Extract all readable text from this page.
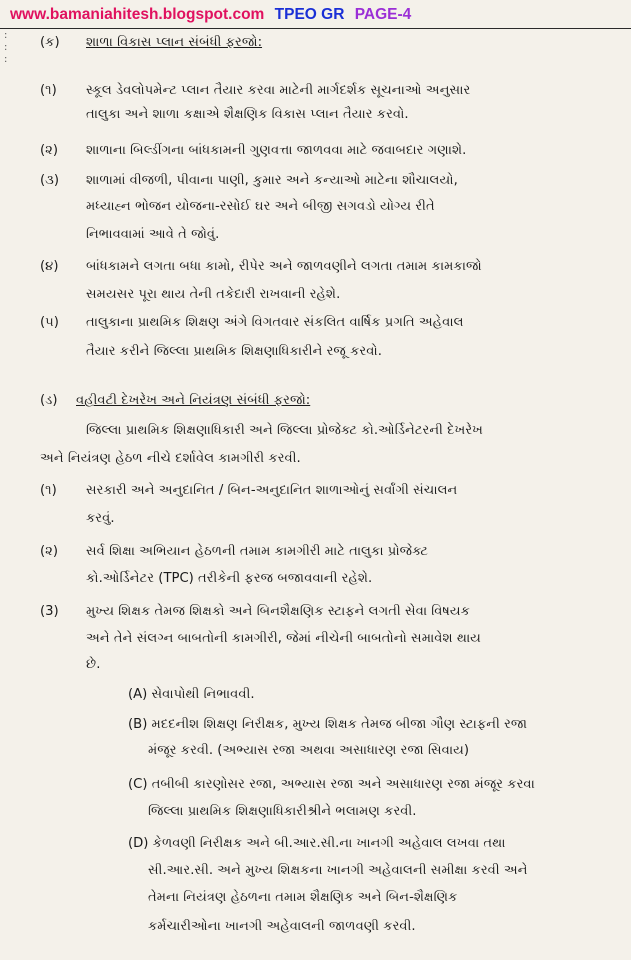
www.bamaniahitesh.blogspot.com TPEO GR PAGE-4
:
:
:
(ક) શાળા વિકાસ પ્લાન સંબંધી ફરજો:
(૧) સ્કૂલ ડેવલોપમેન્ટ પ્લાન તૈયાર કરવા માટેની માર્ગદર્શક સૂચનાઓ અનુસાર
તાલુકા અને શાળા કક્ષાએ શૈક્ષણિક વિકાસ પ્લાન તૈયાર કરવો.
(૨) શાળાના બિલ્ડીંગના બાંધકામની ગુણવત્તા જાળવવા માટે જવાબદાર ગણાશે.
(૩) શાળામાં વીજળી, પીવાના પાણી, કુમાર અને કન્યાઓ માટેના શૌચાલયો,
મધ્યાહ્ન ભોજન યોજના-રસોઈ ઘર અને બીજી સગવડો યોગ્ય રીતે
નિભાવવામાં આવે તે જોવું.
(૪) બાંધકામને લગતા બધા કામો, રીપેર અને જાળવણીને લગતા તમામ કામકાજો
સમયસર પૂરા થાય તેની તકેદારી રાખવાની રહેશે.
(૫) તાલુકાના પ્રાથમિક શિક્ષણ અંગે વિગતવાર સંકલિત વાર્ષિક પ્રગતિ અહેવાલ
તૈયાર કરીને જિલ્લા પ્રાથમિક શિક્ષણાધિકારીને રજૂ કરવો.
(ડ) વહીવટી દેખરેખ અને નિયંત્રણ સંબંધી ફરજો:
જિલ્લા પ્રાથમિક શિક્ષણાધિકારી અને જિલ્લા પ્રોજેક્ટ કો.ઓર્ડિનેટરની દેખરેખ
અને નિયંત્રણ હેઠળ નીચે દર્શાવેલ કામગીરી કરવી.
(૧) સરકારી અને અનુદાનિત / બિન-અનુદાનિત શાળાઓનું સર્વાંગી સંચાલન
કરવું.
(૨) સર્વ શિક્ષા અભિયાન હેઠળની તમામ કામગીરી માટે તાલુકા પ્રોજેક્ટ
કો.ઓર્ડિનેટર (TPC) તરીકેની ફરજ બજાવવાની રહેશે.
(3) મુખ્ય શિક્ષક તેમજ શિક્ષકો અને બિનશૈક્ષણિક સ્ટાફને લગતી સેવા વિષયક
અને તેને સંલગ્ન બાબતોની કામગીરી, જેમાં નીચેની બાબતોનો સમાવેશ થાય
છે.
(A) સેવાપોથી નિભાવવી.
(B) મદદનીશ શિક્ષણ નિરીક્ષક, મુખ્ય શિક્ષક તેમજ બીજા ગૌણ સ્ટાફની રજા
મંજૂર કરવી. (અભ્યાસ રજા અથવા અસાધારણ રજા સિવાય)
(C) તબીબી કારણોસર રજા, અભ્યાસ રજા અને અસાધારણ રજા મંજૂર કરવા
જિલ્લા પ્રાથમિક શિક્ષણાધિકારીશ્રીને ભલામણ કરવી.
(D) કેળવણી નિરીક્ષક અને બી.આર.સી.ના ખાનગી અહેવાલ લખવા તથા
સી.આર.સી. અને મુખ્ય શિક્ષકના ખાનગી અહેવાલની સમીક્ષા કરવી અને
તેમના નિયંત્રણ હેઠળના તમામ શૈક્ષણિક અને બિન-શૈક્ષણિક
કર્મચારીઓના ખાનગી અહેવાલની જાળવણી કરવી.
